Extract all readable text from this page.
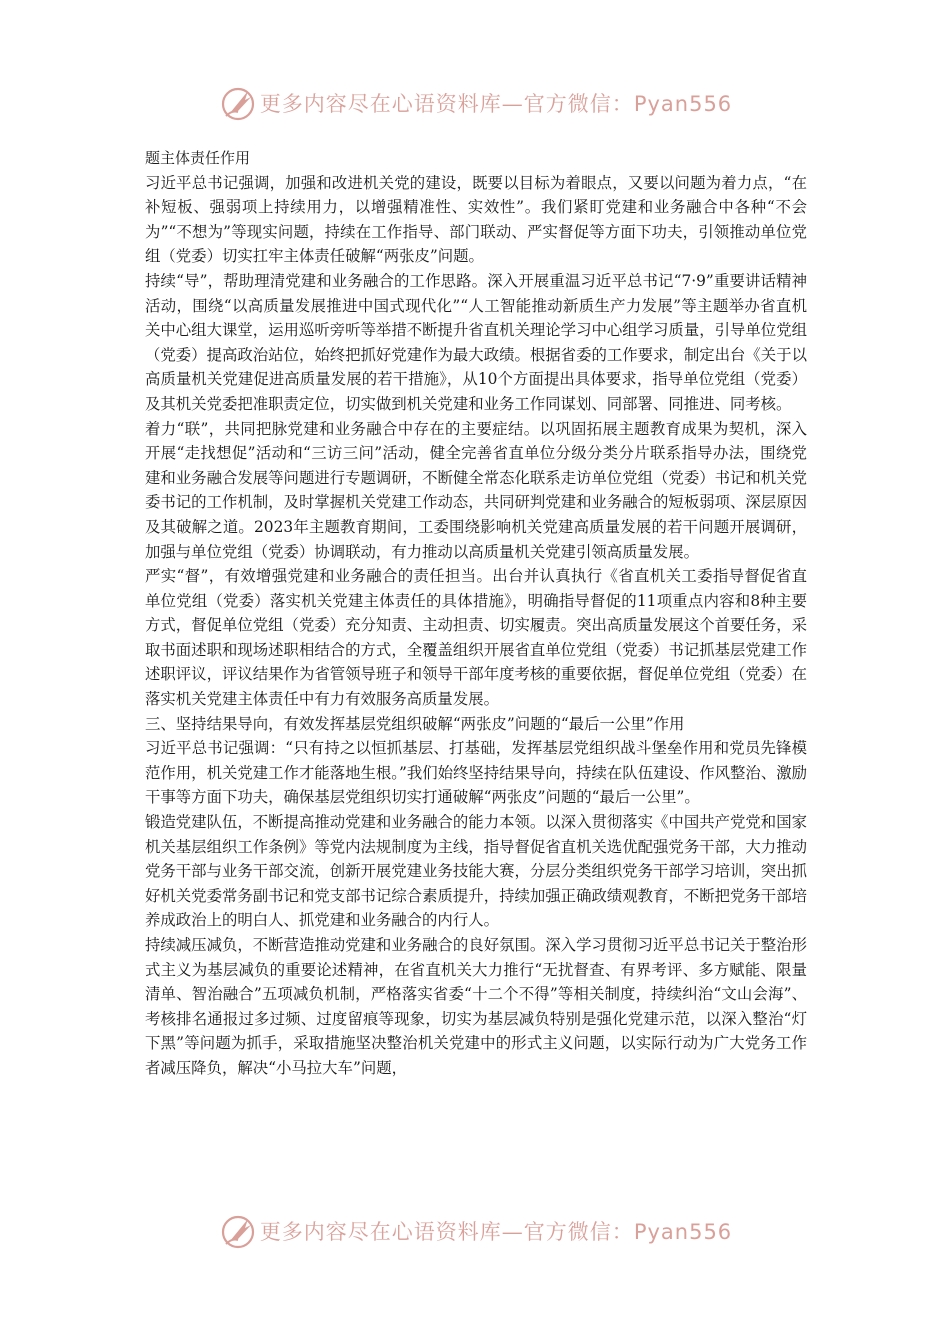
更多内容尽在心语资料库—官方微信：Pyan556

题主体责任作用

习近平总书记强调，加强和改进机关党的建设，既要以目标为着眼点，又要以问题为着力点，“在补短板、强弱项上持续用力，以增强精准性、实效性”。我们紧盯党建和业务融合中各种“不会为”“不想为”等现实问题，持续在工作指导、部门联动、严实督促等方面下功夫，引领推动单位党组（党委）切实扛牢主体责任破解“两张皮”问题。

持续“导”，帮助理清党建和业务融合的工作思路。深入开展重温习近平总书记“7·9”重要讲话精神活动，围绕“以高质量发展推进中国式现代化”“人工智能推动新质生产力发展”等主题举办省直机关中心组大课堂，运用巡听旁听等举措不断提升省直机关理论学习中心组学习质量，引导单位党组（党委）提高政治站位，始终把抓好党建作为最大政绩。根据省委的工作要求，制定出台《关于以高质量机关党建促进高质量发展的若干措施》，从10个方面提出具体要求，指导单位党组（党委）及其机关党委把准职责定位，切实做到机关党建和业务工作同谋划、同部署、同推进、同考核。

着力“联”，共同把脉党建和业务融合中存在的主要症结。以巩固拓展主题教育成果为契机，深入开展“走找想促”活动和“三访三问”活动，健全完善省直单位分级分类分片联系指导办法，围绕党建和业务融合发展等问题进行专题调研，不断健全常态化联系走访单位党组（党委）书记和机关党委书记的工作机制，及时掌握机关党建工作动态，共同研判党建和业务融合的短板弱项、深层原因及其破解之道。2023年主题教育期间，工委围绕影响机关党建高质量发展的若干问题开展调研，加强与单位党组（党委）协调联动，有力推动以高质量机关党建引领高质量发展。

严实“督”，有效增强党建和业务融合的责任担当。出台并认真执行《省直机关工委指导督促省直单位党组（党委）落实机关党建主体责任的具体措施》，明确指导督促的11项重点内容和8种主要方式，督促单位党组（党委）充分知责、主动担责、切实履责。突出高质量发展这个首要任务，采取书面述职和现场述职相结合的方式，全覆盖组织开展省直单位党组（党委）书记抓基层党建工作述职评议，评议结果作为省管领导班子和领导干部年度考核的重要依据，督促单位党组（党委）在落实机关党建主体责任中有力有效服务高质量发展。

三、坚持结果导向，有效发挥基层党组织破解“两张皮”问题的“最后一公里”作用

习近平总书记强调：“只有持之以恒抓基层、打基础，发挥基层党组织战斗堡垒作用和党员先锋模范作用，机关党建工作才能落地生根。”我们始终坚持结果导向，持续在队伍建设、作风整治、激励干事等方面下功夫，确保基层党组织切实打通破解“两张皮”问题的“最后一公里”。

锻造党建队伍，不断提高推动党建和业务融合的能力本领。以深入贯彻落实《中国共产党党和国家机关基层组织工作条例》等党内法规制度为主线，指导督促省直机关选优配强党务干部，大力推动党务干部与业务干部交流，创新开展党建业务技能大赛，分层分类组织党务干部学习培训，突出抓好机关党委常务副书记和党支部书记综合素质提升，持续加强正确政绩观教育，不断把党务干部培养成政治上的明白人、抓党建和业务融合的内行人。

持续减压减负，不断营造推动党建和业务融合的良好氛围。深入学习贯彻习近平总书记关于整治形式主义为基层减负的重要论述精神，在省直机关大力推行“无扰督查、有界考评、多方赋能、限量清单、智治融合”五项减负机制，严格落实省委“十二个不得”等相关制度，持续纠治“文山会海”、考核排名通报过多过频、过度留痕等现象，切实为基层减负特别是强化党建示范，以深入整治“灯下黑”等问题为抓手，采取措施坚决整治机关党建中的形式主义问题，以实际行动为广大党务工作者减压降负，解决“小马拉大车”问题，

更多内容尽在心语资料库—官方微信：Pyan556
